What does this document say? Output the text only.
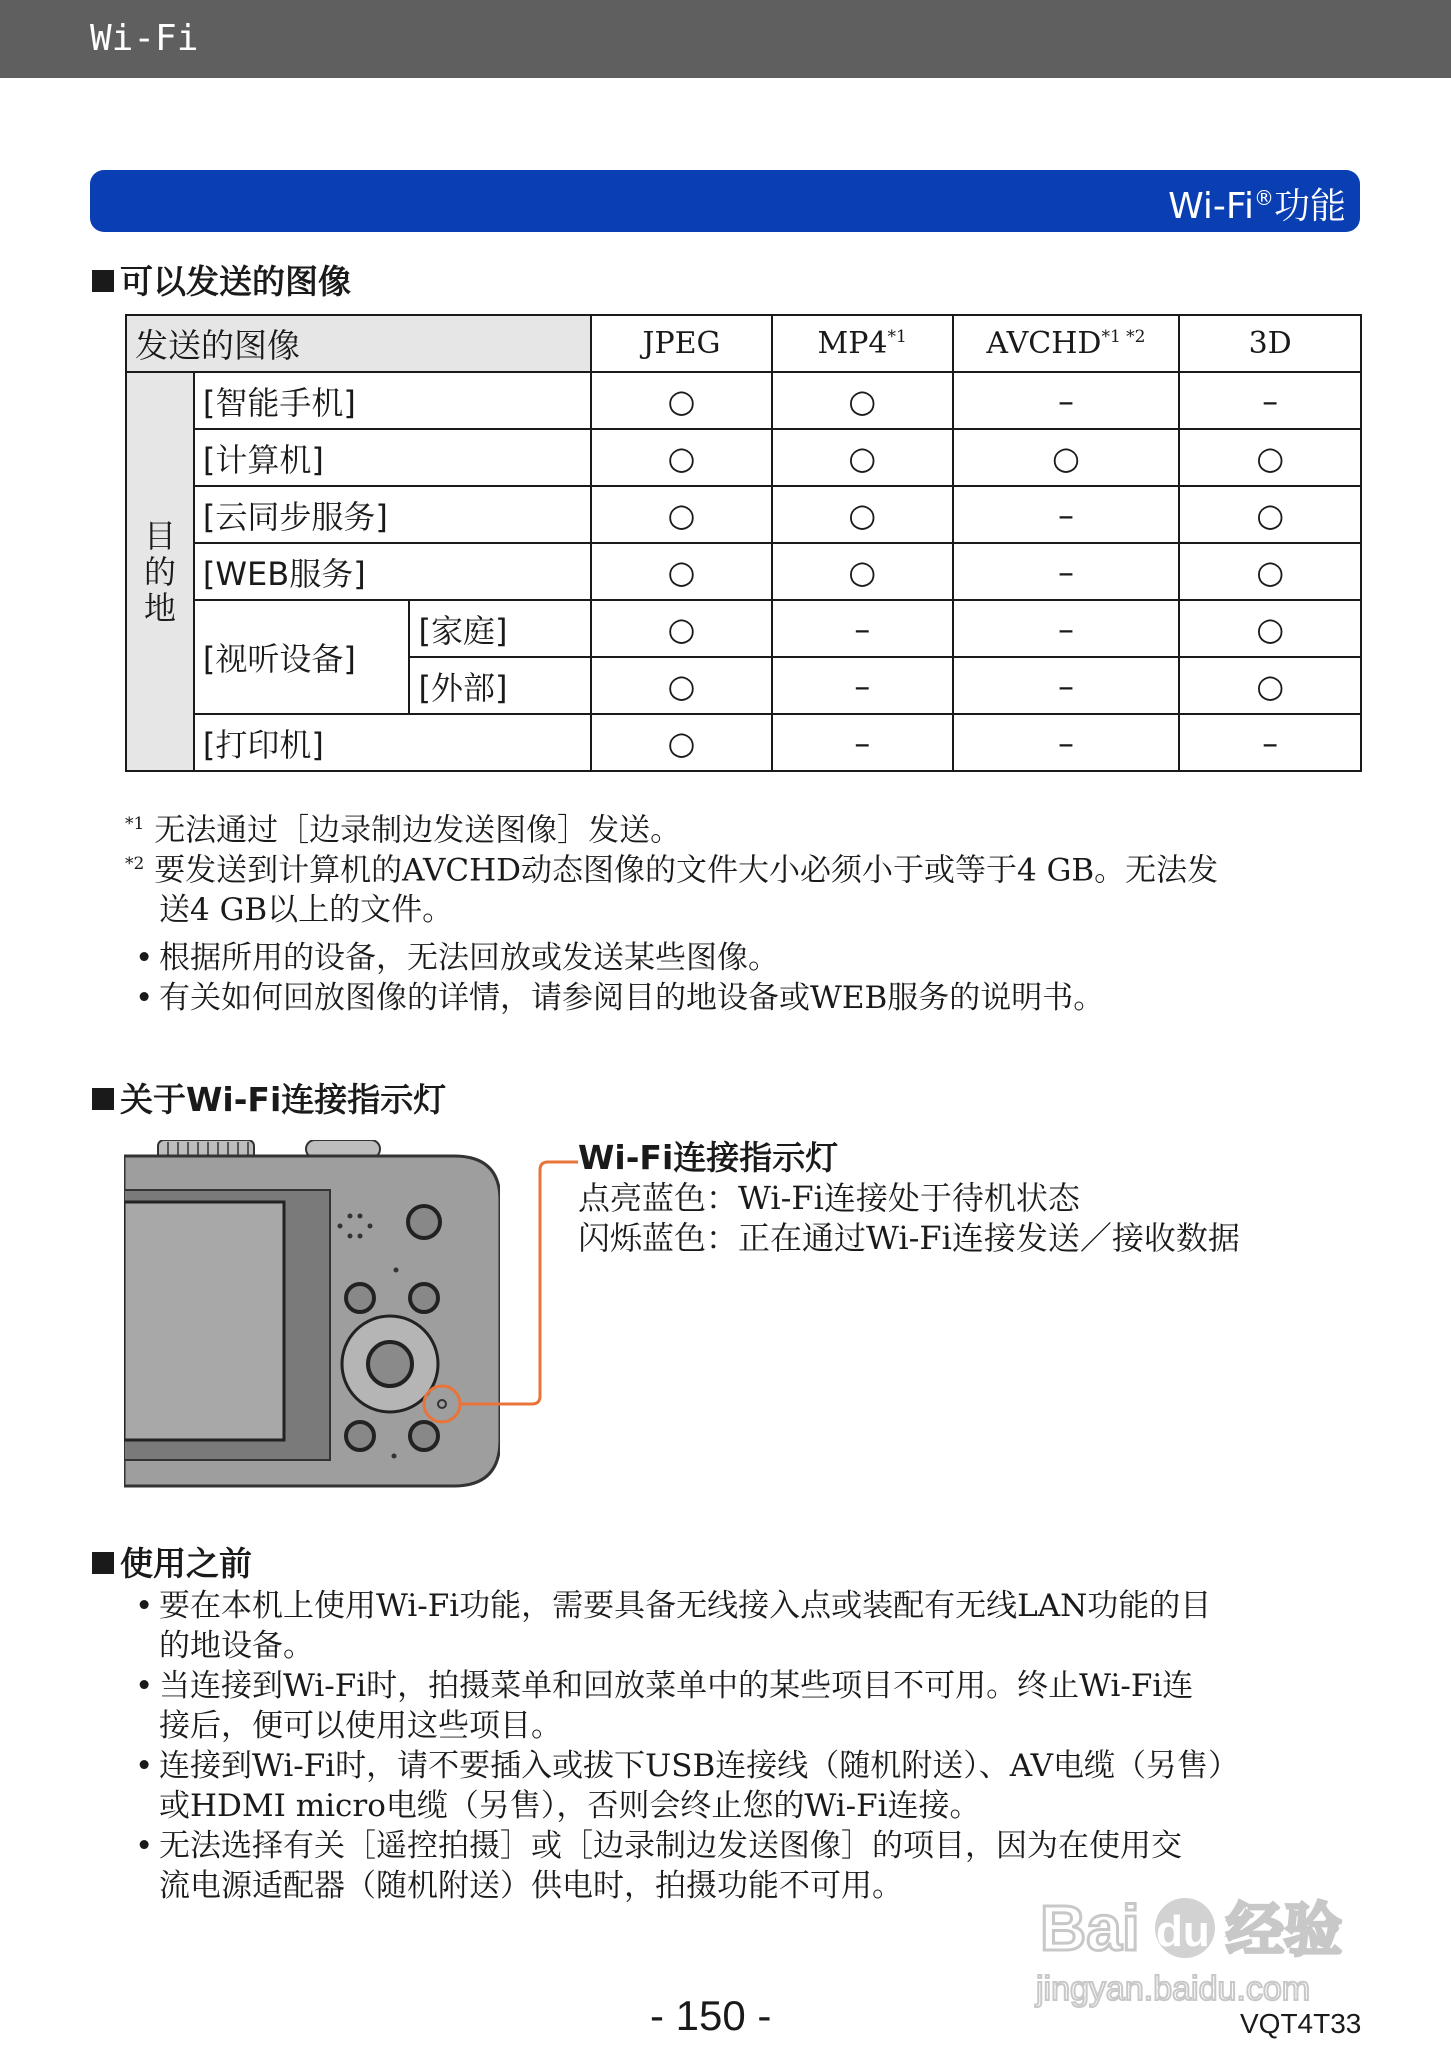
Wi-Fi
Wi-Fi®功能
可以发送的图像
发送的图像			JPEG	MP4$^{*1}$	$AVCHD^{*1 *2}$	3D
目
的
地	[智能手机]		○	○	–	–
	[计算机]		○	○	○	○
	[云同步服务]		○	○	–	○
	[WEB服务]		○	○	–	○
	[视听设备]	[家庭]	○	–	–	○
		[外部]	○	–	–	○
	[打印机]		○	–	–	–
$^{*1}$ 无法通过［边录制边发送图像］发送。
$^{*2}$ 要发送到计算机的AVCHD动态图像的文件大小必须小于或等于4 GB。无法发
送4 GB以上的文件。
• 根据所用的设备，无法回放或发送某些图像。
• 有关如何回放图像的详情，请参阅目的地设备或WEB服务的说明书。
关于Wi-Fi连接指示灯
Wi-Fi连接指示灯
点亮蓝色：Wi-Fi连接处于待机状态
闪烁蓝色：正在通过Wi-Fi连接发送／接收数据
使用之前
• 要在本机上使用Wi-Fi功能，需要具备无线接入点或装配有无线LAN功能的目
的地设备。
• 当连接到Wi-Fi时，拍摄菜单和回放菜单中的某些项目不可用。终止Wi-Fi连
接后，便可以使用这些项目。
• 连接到Wi-Fi时，请不要插入或拔下USB连接线（随机附送）、AV电缆（另售）
或HDMI micro电缆（另售），否则会终止您的Wi-Fi连接。
• 无法选择有关［遥控拍摄］或［边录制边发送图像］的项目，因为在使用交
流电源适配器（随机附送）供电时，拍摄功能不可用。
Bai du 经验
jingyan.baidu.com
- 150 -	VQT4T33
